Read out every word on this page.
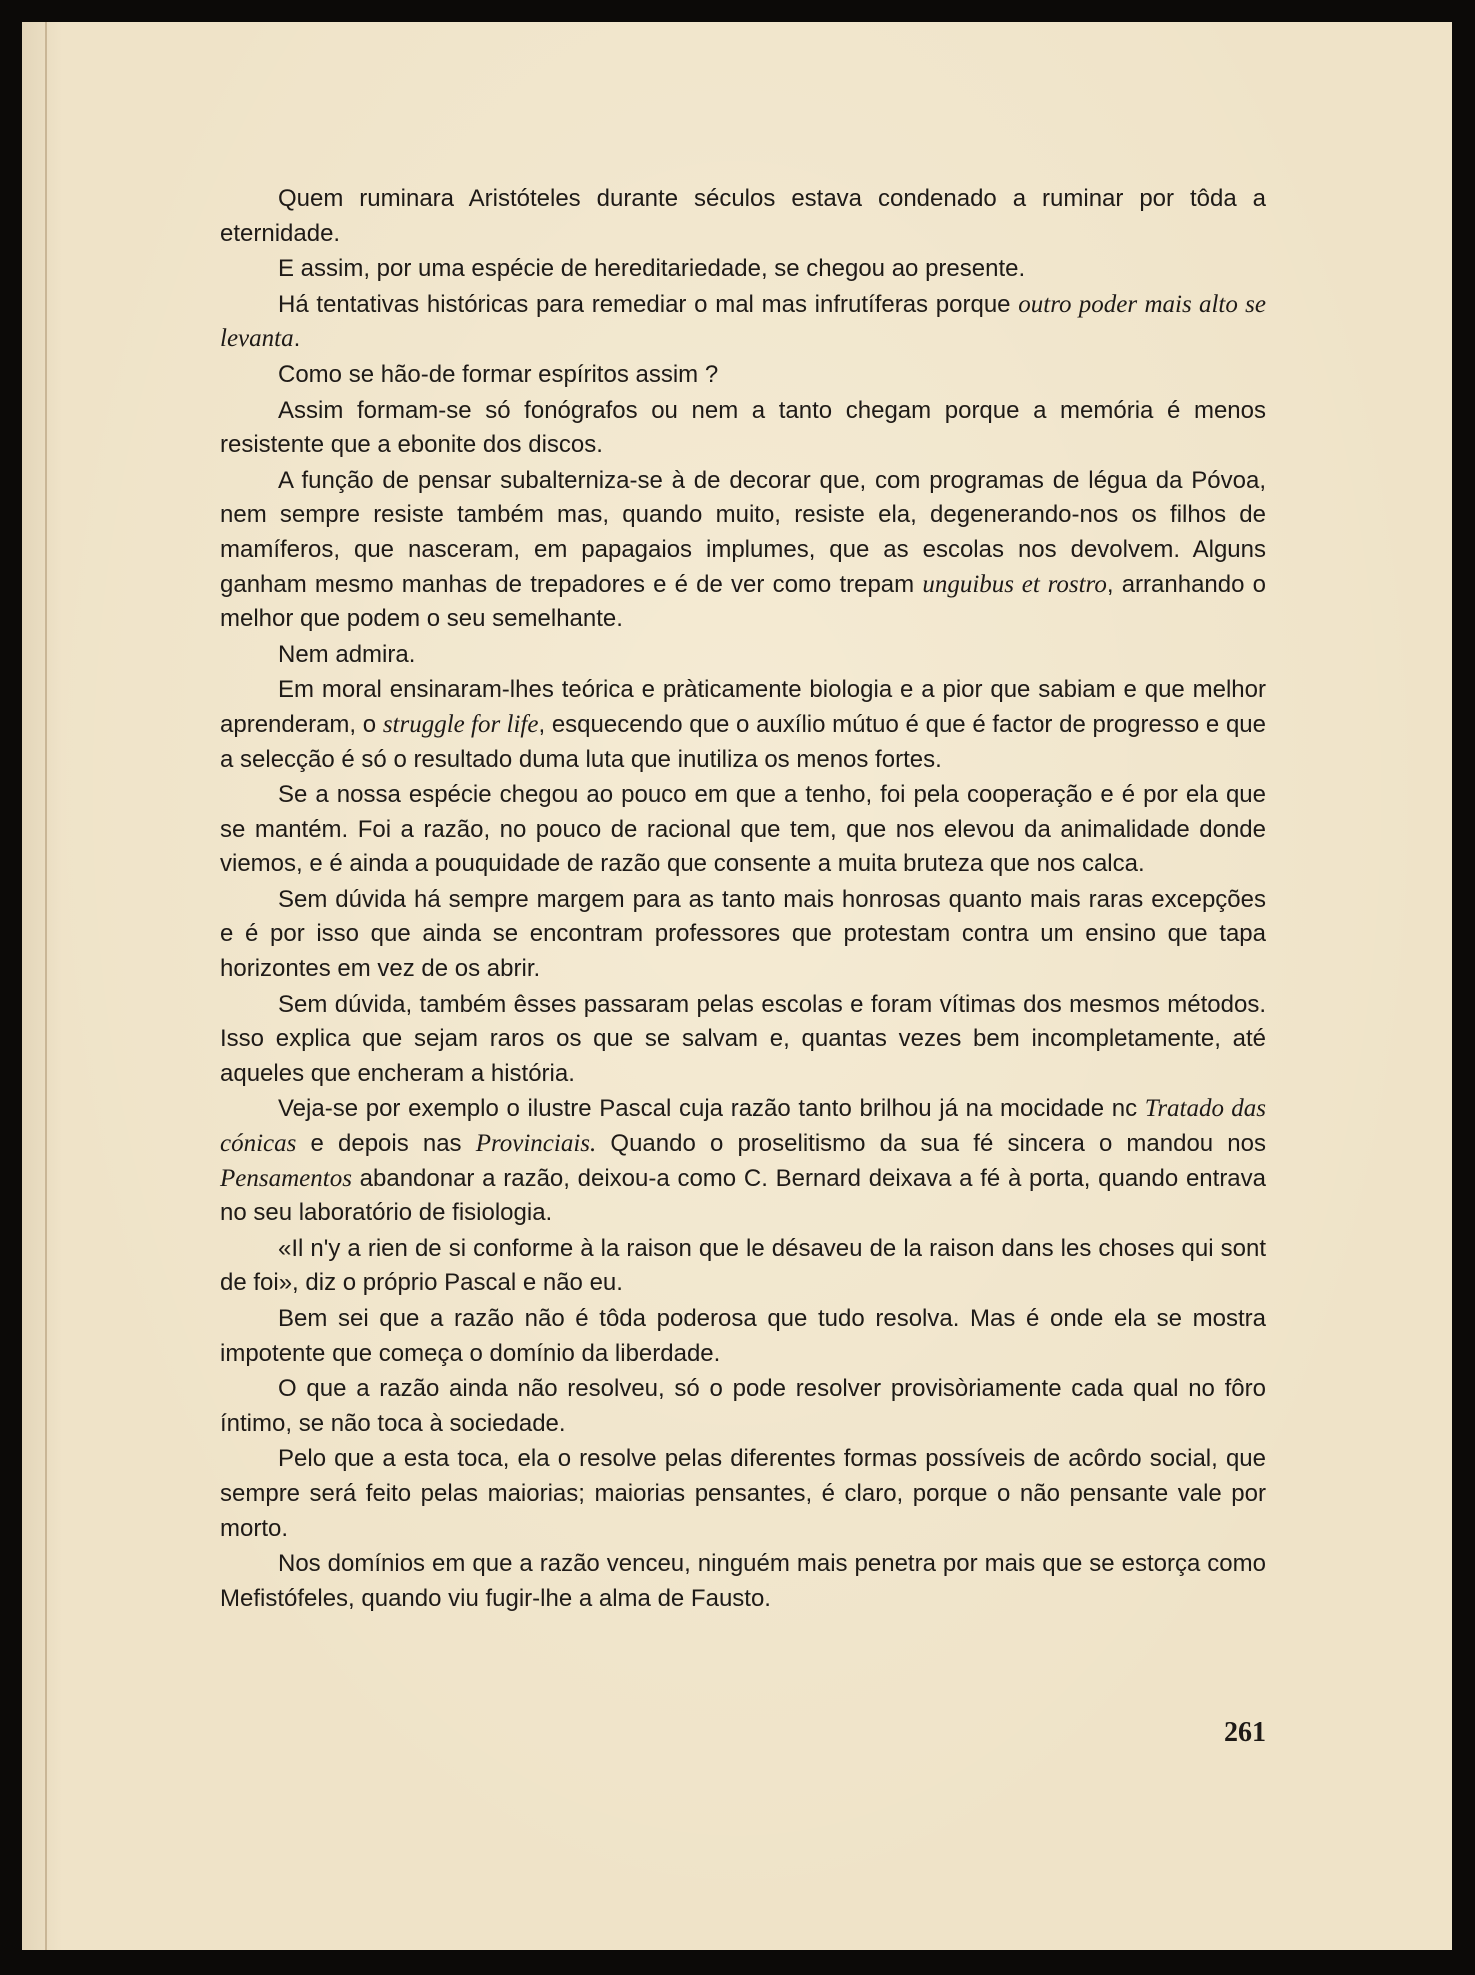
Quem ruminara Aristóteles durante séculos estava condenado a ruminar por tôda a eternidade.

E assim, por uma espécie de hereditariedade, se chegou ao presente.

Há tentativas históricas para remediar o mal mas infrutíferas porque outro poder mais alto se levanta.

Como se hão-de formar espíritos assim ?

Assim formam-se só fonógrafos ou nem a tanto chegam porque a memória é menos resistente que a ebonite dos discos.

A função de pensar subalterniza-se à de decorar que, com programas de légua da Póvoa, nem sempre resiste também mas, quando muito, resiste ela, degenerando-nos os filhos de mamíferos, que nasceram, em papagaios implumes, que as escolas nos devolvem. Alguns ganham mesmo manhas de trepadores e é de ver como trepam unguibus et rostro, arranhando o melhor que podem o seu semelhante.

Nem admira.

Em moral ensinaram-lhes teórica e pràticamente biologia e a pior que sabiam e que melhor aprenderam, o struggle for life, esquecendo que o auxílio mútuo é que é factor de progresso e que a selecção é só o resultado duma luta que inutiliza os menos fortes.

Se a nossa espécie chegou ao pouco em que a tenho, foi pela cooperação e é por ela que se mantém. Foi a razão, no pouco de racional que tem, que nos elevou da animalidade donde viemos, e é ainda a pouquidade de razão que consente a muita bruteza que nos calca.

Sem dúvida há sempre margem para as tanto mais honrosas quanto mais raras excepções e é por isso que ainda se encontram professores que protestam contra um ensino que tapa horizontes em vez de os abrir.

Sem dúvida, também êsses passaram pelas escolas e foram vítimas dos mesmos métodos. Isso explica que sejam raros os que se salvam e, quantas vezes bem incompletamente, até aqueles que encheram a história.

Veja-se por exemplo o ilustre Pascal cuja razão tanto brilhou já na mocidade nc Tratado das cónicas e depois nas Provinciais. Quando o proselitismo da sua fé sincera o mandou nos Pensamentos abandonar a razão, deixou-a como C. Bernard deixava a fé à porta, quando entrava no seu laboratório de fisiologia.

«Il n'y a rien de si conforme à la raison que le désaveu de la raison dans les choses qui sont de foi», diz o próprio Pascal e não eu.

Bem sei que a razão não é tôda poderosa que tudo resolva. Mas é onde ela se mostra impotente que começa o domínio da liberdade.

O que a razão ainda não resolveu, só o pode resolver provisòriamente cada qual no fôro íntimo, se não toca à sociedade.

Pelo que a esta toca, ela o resolve pelas diferentes formas possíveis de acôrdo social, que sempre será feito pelas maiorias; maiorias pensantes, é claro, porque o não pensante vale por morto.

Nos domínios em que a razão venceu, ninguém mais penetra por mais que se estorça como Mefistófeles, quando viu fugir-lhe a alma de Fausto.

261
